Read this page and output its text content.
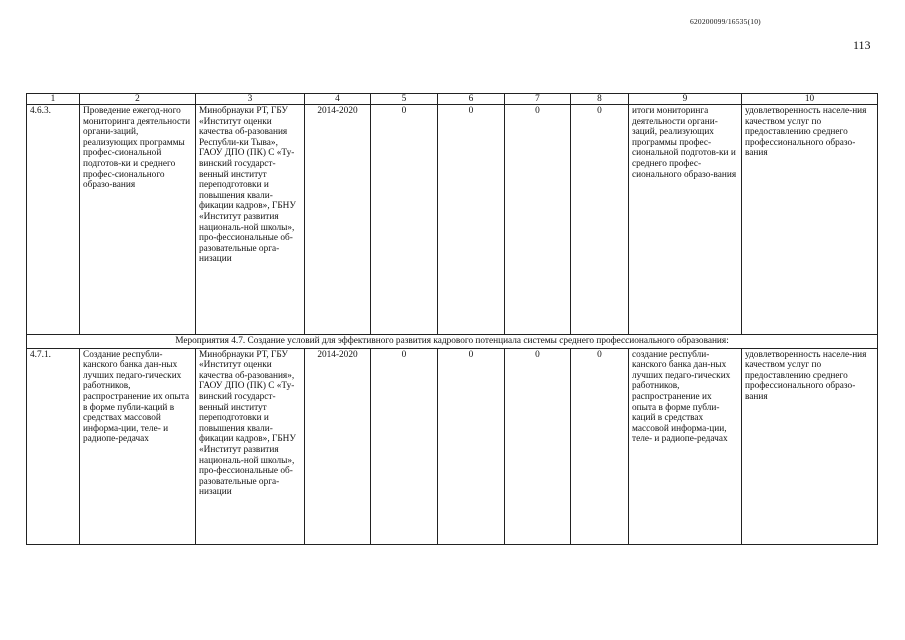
620200099/16535(10)
113
1	2	3	4	5	6	7	8	9	10
4.6.3.	Проведение ежегод-ного мониторинга деятельности органи-заций, реализующих программы профес-сиональной подготов-ки и среднего профес-сионального образо-вания	Минобрнауки РТ, ГБУ «Институт оценки качества об-разования Республи-ки Тыва», ГАОУ ДПО (ПК) С «Ту-винский государст-венный институт переподготовки и повышения квали-фикации кадров», ГБНУ «Институт развития националь-ной школы», про-фессиональные об-разовательные орга-низации	2014-2020	0	0	0	0	итоги мониторинга деятельности органи-заций, реализующих программы профес-сиональной подготов-ки и среднего профес-сионального образо-вания	удовлетворенность населе-ния качеством услуг по предоставлению среднего профессионального образо-вания
Мероприятия 4.7. Создание условий для эффективного развития кадрового потенциала системы среднего профессионального образования:									
4.7.1.	Создание республи-канского банка дан-ных лучших педаго-гических работников, распространение их опыта в форме публи-каций в средствах массовой информа-ции, теле- и радиопе-редачах	Минобрнауки РТ, ГБУ «Институт оценки качества об-разования», ГАОУ ДПО (ПК) С «Ту-винский государст-венный институт переподготовки и повышения квали-фикации кадров», ГБНУ «Институт развития националь-ной школы», про-фессиональные об-разовательные орга-низации	2014-2020	0	0	0	0	создание республи-канского банка дан-ных лучших педаго-гических работников, распространение их опыта в форме публи-каций в средствах массовой информа-ции, теле- и радиопе-редачах	удовлетворенность населе-ния качеством услуг по предоставлению среднего профессионального образо-вания
